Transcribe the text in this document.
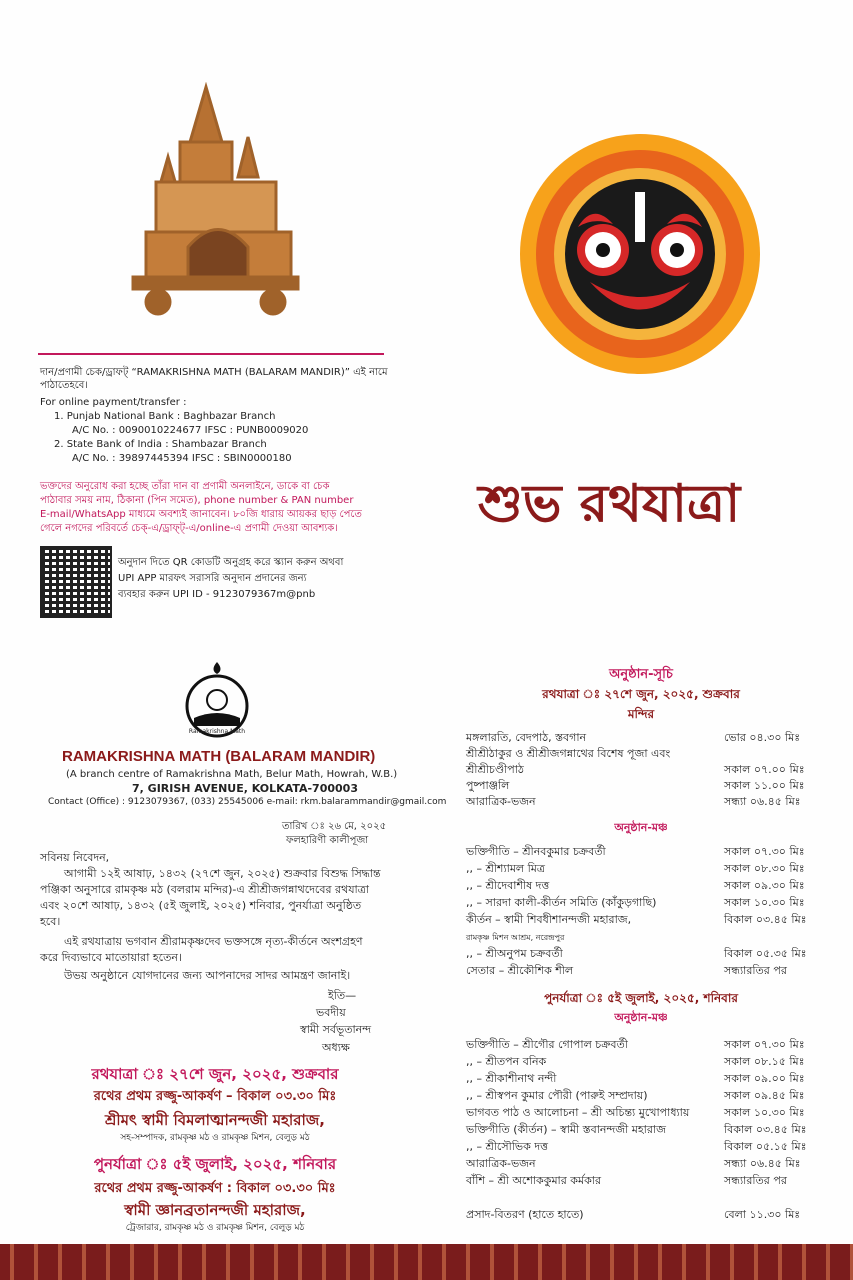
শুভ রথযাত্রা
দান/প্রণামী চেক/ড্রাফট্‌ “RAMAKRISHNA MATH (BALARAM MANDIR)” এই নামে পাঠাতেহবে।
For online payment/transfer :
1. Punjab National Bank : Baghbazar Branch
A/C No. : 0090010224677 IFSC : PUNB0009020
2. State Bank of India : Shambazar Branch
A/C No. : 39897445394 IFSC : SBIN0000180
ভক্তদের অনুরোধ করা হচ্ছে তাঁরা দান বা প্রণামী অনলাইনে, ডাকে বা চেক
পাঠাবার সময় নাম, ঠিকানা (পিন সমেত), phone number & PAN number
E-mail/WhatsApp মাধ্যমে অবশ্যই জানাবেন। ৮০জি ধারায় আয়কর ছাড় পেতে
গেলে নগদের পরিবর্তে চেক্-এ/ড্রাফ্‌ট্-এ/online-এ প্রণামী দেওয়া আবশ্যক।
অনুদান দিতে QR কোডটি অনুগ্রহ করে স্ক্যান করুন অথবা
UPI APP মারফৎ সরাসরি অনুদান প্রদানের জন্য
ব্যবহার করুন UPI ID - 9123079367m@pnb
Ramakrishna Math
RAMAKRISHNA MATH (BALARAM MANDIR)
(A branch centre of Ramakrishna Math, Belur Math, Howrah, W.B.)
7, GIRISH AVENUE, KOLKATA-700003
Contact (Office) : 9123079367, (033) 25545006 e-mail: rkm.balarammandir@gmail.com
তারিখ ঃ ২৬ মে, ২০২৫
ফলহারিণী কালীপূজা
সবিনয় নিবেদন,
আগামী ১২ই আষাঢ়, ১৪৩২ (২৭শে জুন, ২০২৫) শুক্রবার বিশুদ্ধ সিদ্ধান্ত
পঞ্জিকা অনুসারে রামকৃষ্ণ মঠ (বলরাম মন্দির)-এ শ্রীশ্রীজগন্নাথদেবের রথযাত্রা
এবং ২০শে আষাঢ়, ১৪৩২ (৫ই জুলাই, ২০২৫) শনিবার, পুনর্যাত্রা অনুষ্ঠিত
হবে।
এই রথযাত্রায় ভগবান শ্রীরামকৃষ্ণদেব ভক্তসঙ্গে নৃত্য-কীর্তনে অংশগ্রহণ
করে দিব্যভাবে মাতোয়ারা হতেন।
উভয় অনুষ্ঠানে যোগদানের জন্য আপনাদের সাদর আমন্ত্রণ জানাই।
ইতি—
ভবদীয়
স্বামী সর্বভূতানন্দ
অধ্যক্ষ
রথযাত্রা ঃ ২৭শে জুন, ২০২৫, শুক্রবার
রথের প্রথম রজ্জু-আকর্ষণ – বিকাল ০৩.৩০ মিঃ
শ্রীমৎ স্বামী বিমলাত্মানন্দজী মহারাজ,
সহ-সম্পাদক, রামকৃষ্ণ মঠ ও রামকৃষ্ণ মিশন, বেলুড় মঠ
পুনর্যাত্রা ঃ ৫ই জুলাই, ২০২৫, শনিবার
রথের প্রথম রজ্জু-আকর্ষণ : বিকাল ০৩.৩০ মিঃ
স্বামী জ্ঞানব্রতানন্দজী মহারাজ,
ট্রেজারার, রামকৃষ্ণ মঠ ও রামকৃষ্ণ মিশন, বেলুড় মঠ
অনুষ্ঠান-সূচি
রথযাত্রা ঃ ২৭শে জুন, ২০২৫, শুক্রবার
মন্দির
মঙ্গলারতি, বেদপাঠ, স্তবগান	ভোর ০৪.৩০ মিঃ
শ্রীশ্রীঠাকুর ও শ্রীশ্রীজগন্নাথের বিশেষ পূজা এবং
শ্রীশ্রীচণ্ডীপাঠ	সকাল ০৭.০০ মিঃ
পুষ্পাঞ্জলি	সকাল ১১.০০ মিঃ
আরাত্রিক-ভজন	সন্ধ্যা ০৬.৪৫ মিঃ
অনুষ্ঠান-মঞ্চ
ভক্তিগীতি – শ্রীনবকুমার চক্রবর্তী	সকাল ০৭.৩০ মিঃ
,, – শ্রীশ্যামল মিত্র	সকাল ০৮.৩০ মিঃ
,, – শ্রীদেবাশীষ দত্ত	সকাল ০৯.৩০ মিঃ
,, – সারদা কালী-কীর্তন সমিতি (কাঁকুড়গাছি)	সকাল ১০.৩০ মিঃ
কীর্তন – স্বামী শিবধীশানন্দজী মহারাজ,	বিকাল ০৩.৪৫ মিঃ
রামকৃষ্ণ মিশন আশ্রম, নরেন্দ্রপুর
,, – শ্রীঅনুপম চক্রবর্তী	বিকাল ০৫.৩৫ মিঃ
সেতার – শ্রীকৌশিক শীল	সন্ধ্যারতির পর
পুনর্যাত্রা ঃ ৫ই জুলাই, ২০২৫, শনিবার
অনুষ্ঠান-মঞ্চ
ভক্তিগীতি – শ্রীগৌর গোপাল চক্রবর্তী	সকাল ০৭.৩০ মিঃ
,, – শ্রীতপন বনিক	সকাল ০৮.১৫ মিঃ
,, – শ্রীকাশীনাথ নন্দী	সকাল ০৯.০০ মিঃ
,, – শ্রীস্বপন কুমার পৌরী (পারুই সম্প্রদায়)	সকাল ০৯.৪৫ মিঃ
ভাগবত পাঠ ও আলোচনা – শ্রী অচিন্ত্য মুখোপাধ্যায়	সকাল ১০.৩০ মিঃ
ভক্তিগীতি (কীর্তন) – স্বামী স্তবানন্দজী মহারাজ	বিকাল ০৩.৪৫ মিঃ
,, – শ্রীসৌভিক দত্ত	বিকাল ০৫.১৫ মিঃ
আরাত্রিক-ভজন	সন্ধ্যা ০৬.৪৫ মিঃ
বাঁশি – শ্রী অশোককুমার কর্মকার	সন্ধ্যারতির পর
প্রসাদ-বিতরণ (হাতে হাতে)	বেলা ১১.৩০ মিঃ
